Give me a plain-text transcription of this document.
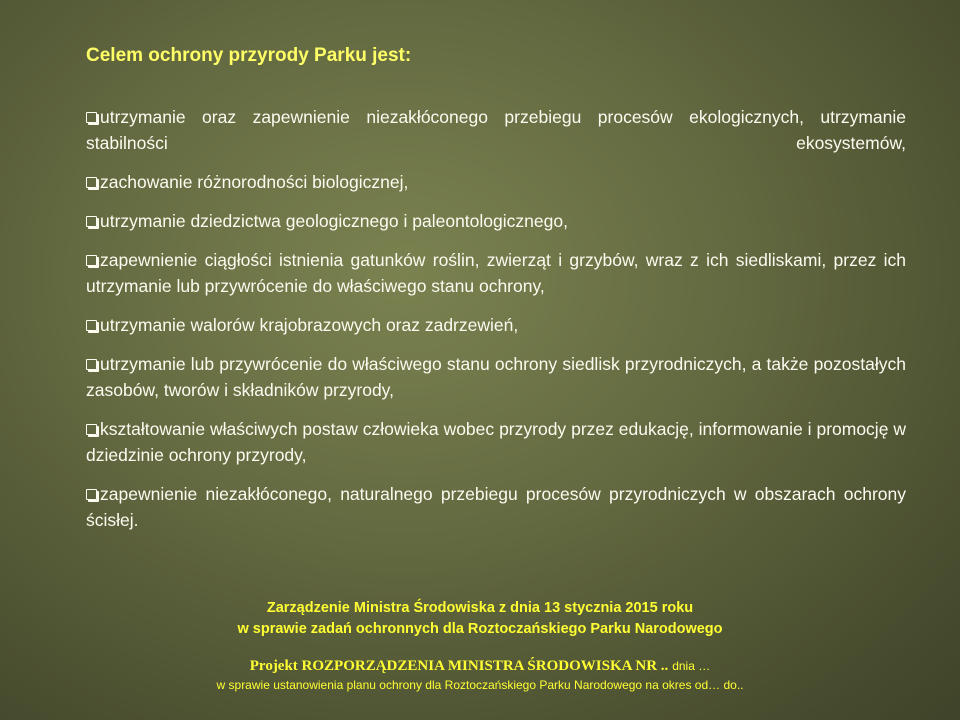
Celem ochrony przyrody Parku jest:
utrzymanie oraz zapewnienie niezakłóconego przebiegu procesów ekologicznych, utrzymanie stabilności ekosystemów,
zachowanie różnorodności biologicznej,
utrzymanie dziedzictwa geologicznego i paleontologicznego,
zapewnienie ciągłości istnienia gatunków roślin, zwierząt i grzybów, wraz z ich siedliskami, przez ich utrzymanie lub przywrócenie do właściwego stanu ochrony,
utrzymanie walorów krajobrazowych oraz zadrzewień,
utrzymanie lub przywrócenie do właściwego stanu ochrony siedlisk przyrodniczych, a także pozostałych zasobów, tworów i składników przyrody,
kształtowanie właściwych postaw człowieka wobec przyrody przez edukację, informowanie i promocję w dziedzinie ochrony przyrody,
zapewnienie niezakłóconego, naturalnego przebiegu procesów przyrodniczych w obszarach ochrony ścisłej.
Zarządzenie Ministra Środowiska z dnia 13 stycznia 2015 roku
w sprawie zadań ochronnych dla Roztoczańskiego Parku Narodowego
Projekt ROZPORZĄDZENIA MINISTRA ŚRODOWISKA NR .. dnia …
w sprawie ustanowienia planu ochrony dla Roztoczańskiego Parku Narodowego na okres od… do..
